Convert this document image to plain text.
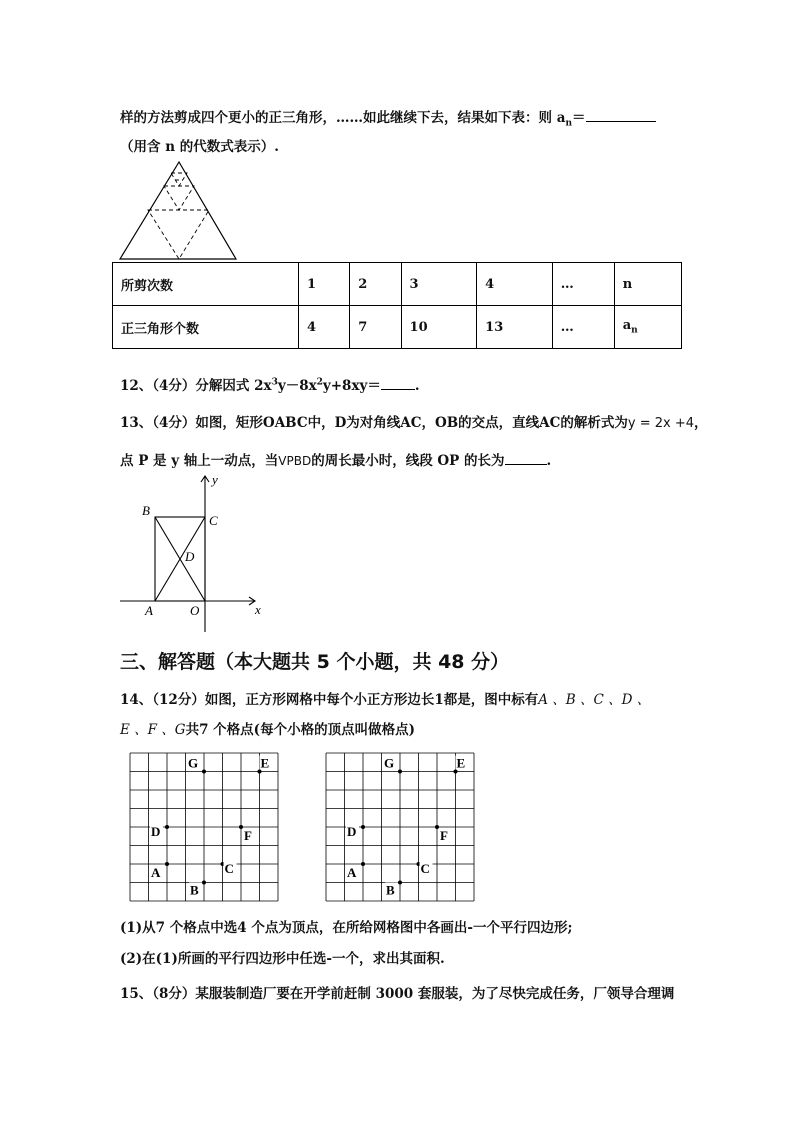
样的方法剪成四个更小的正三角形，……如此继续下去，结果如下表：则 $a_n=$
（用含 n 的代数式表示）.
所剪次数	1	2	3	4	…	n
正三角形个数	4	7	10	13	…	$a_n$
12、（4分）分解因式 $2x^3y-8x^2y+8xy=$	.
13、（4分）如图，矩形OABC中，D为对角线AC，OB的交点，直线AC的解析式为y = 2x +4，
点 P 是 y 轴上一动点，当VPBD的周长最小时，线段 OP 的长为	.
B
C
D
A	O	x
y
三、解答题（本大题共 5 个小题，共 48 分）
14、（12分）如图，正方形网格中每个小正方形边长1都是，图中标有A 、B 、C 、D 、
E 、F 、G共7 个格点(每个小格的顶点叫做格点)
G	E
D	F
A	C
B
G	E
D	F
A	C
B
(1)从7 个格点中选4 个点为顶点，在所给网格图中各画出-一个平行四边形;
(2)在(1)所画的平行四边形中任选-一个，求出其面积.
15、（8分）某服装制造厂要在开学前赶制 3000 套服装，为了尽快完成任务，厂领导合理调
